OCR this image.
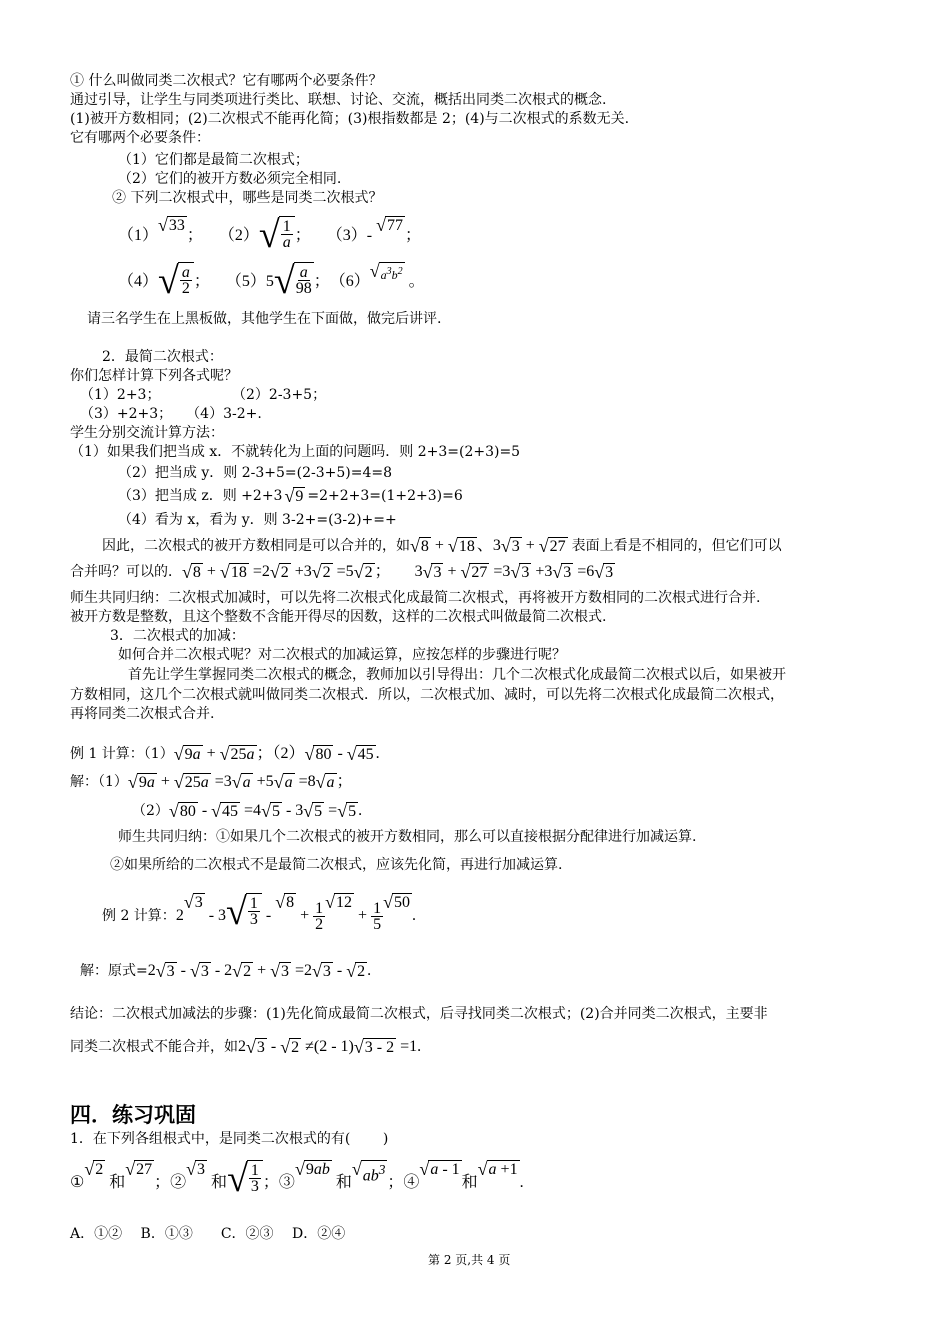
① 什么叫做同类二次根式？它有哪两个必要条件？
通过引导，让学生与同类项进行类比、联想、讨论、交流，概括出同类二次根式的概念.
(1)被开方数相同；(2)二次根式不能再化简；(3)根指数都是 2；(4)与二次根式的系数无关.
它有哪两个必要条件：
（1）它们都是最简二次根式；
（2）它们的被开方数必须完全相同.
② 下列二次根式中，哪些是同类二次根式？
（1）√33；　　$(2)√ \frac{1}{a}$ ；　　（3）- √77；
$(4)√ \frac{a}{2}$ ；　　$(5)5√ \frac{a}{98}$ ；　$(6)√a^3b^2$ 。
请三名学生在上黑板做，其他学生在下面做，做完后讲评.
2．最简二次根式：
你们怎样计算下列各式呢？
（1）2+3；	（2）2-3+5；
（3）+2+3；　　（4）3-2+.
学生分别交流计算方法：
（1）如果我们把当成 x．不就转化为上面的问题吗．则 2+3=(2+3)=5
（2）把当成 y．则 2-3+5=(2-3+5)=4=8
（3）把当成 z．则 +2+3 √9 =2+2+3=(1+2+3)=6
（4）看为 x，看为 y．则 3-2+=(3-2)+=+
因此，二次根式的被开方数相同是可以合并的，如√8 + √18 、3√3 + √27 表面上看是不相同的，但它们可以
合并吗？可以的．√8 + √18 =2√2 +3√2 =5√2 ；　　3√3 + √27 =3√3 +3√3 =6√3
师生共同归纳：二次根式加减时，可以先将二次根式化成最简二次根式，再将被开方数相同的二次根式进行合并.
被开方数是整数，且这个整数不含能开得尽的因数，这样的二次根式叫做最简二次根式.
3．二次根式的加减：
如何合并二次根式呢？对二次根式的加减运算，应按怎样的步骤进行呢？
首先让学生掌握同类二次根式的概念，教师加以引导得出：几个二次根式化成最简二次根式以后，如果被开
方数相同，这几个二次根式就叫做同类二次根式．所以，二次根式加、减时，可以先将二次根式化成最简二次根式，
再将同类二次根式合并.
例 1 计算：（1）√9a + √25a ；（2）√80 - √45 .
解：（1）√9a + √25a =3√a +5√a =8√a ；
（2）√80 - √45 =4√5 - 3√5 =√5 .
师生共同归纳：①如果几个二次根式的被开方数相同，那么可以直接根据分配律进行加减运算.
②如果所给的二次根式不是最简二次根式，应该先化简，再进行加减运算.
例 2 计算：$2√3 - 3√ \frac{1}{3} - √8 + \frac{1}{2} √12 + \frac{1}{5} √50$.
解：原式=2√3 - √3 - 2√2 + √3 =2√3 - √2 .
结论：二次根式加减法的步骤：(1)先化简成最简二次根式，后寻找同类二次根式；(2)合并同类二次根式，主要非
同类二次根式不能合并，如2√3 - √2 ≠(2 - 1)√3 - 2 =1.
四．练习巩固
1．在下列各组根式中，是同类二次根式的有(　　 )
①√2 和√27；②√3 和√ $\frac{1}{3}$ ；③√9ab 和$√ab^3$；④√a - 1和√a +1.
A．①②　 B．①③　　C．②③　 D．②④
第 2 页,共 4 页
